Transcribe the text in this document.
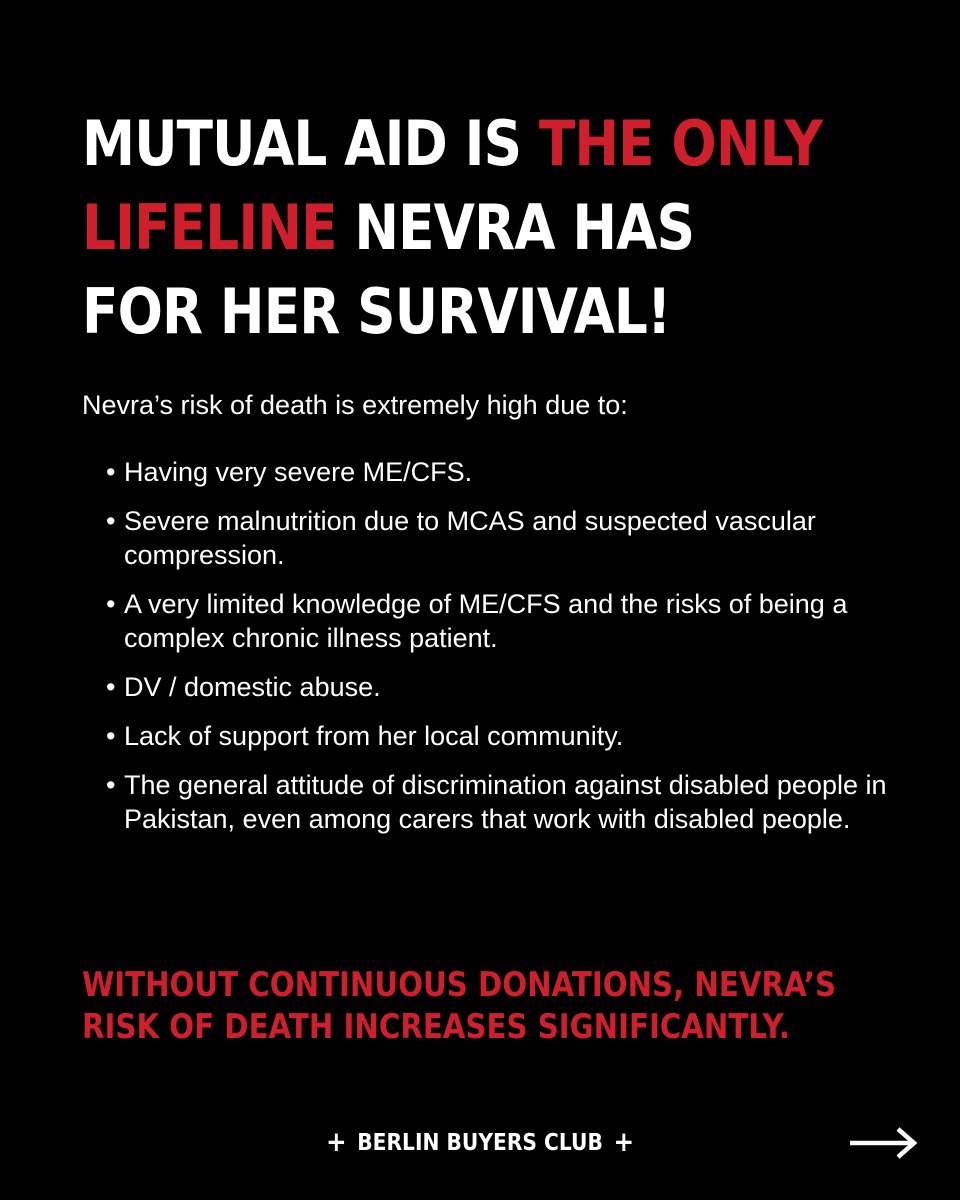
MUTUAL AID IS THE ONLY
LIFELINE NEVRA HAS
FOR HER SURVIVAL!

Nevra’s risk of death is extremely high due to:

• Having very severe ME/CFS.
• Severe malnutrition due to MCAS and suspected vascular compression.
• A very limited knowledge of ME/CFS and the risks of being a complex chronic illness patient.
• DV / domestic abuse.
• Lack of support from her local community.
• The general attitude of discrimination against disabled people in Pakistan, even among carers that work with disabled people.

WITHOUT CONTINUOUS DONATIONS, NEVRA’S
RISK OF DEATH INCREASES SIGNIFICANTLY.

+ BERLIN BUYERS CLUB +
